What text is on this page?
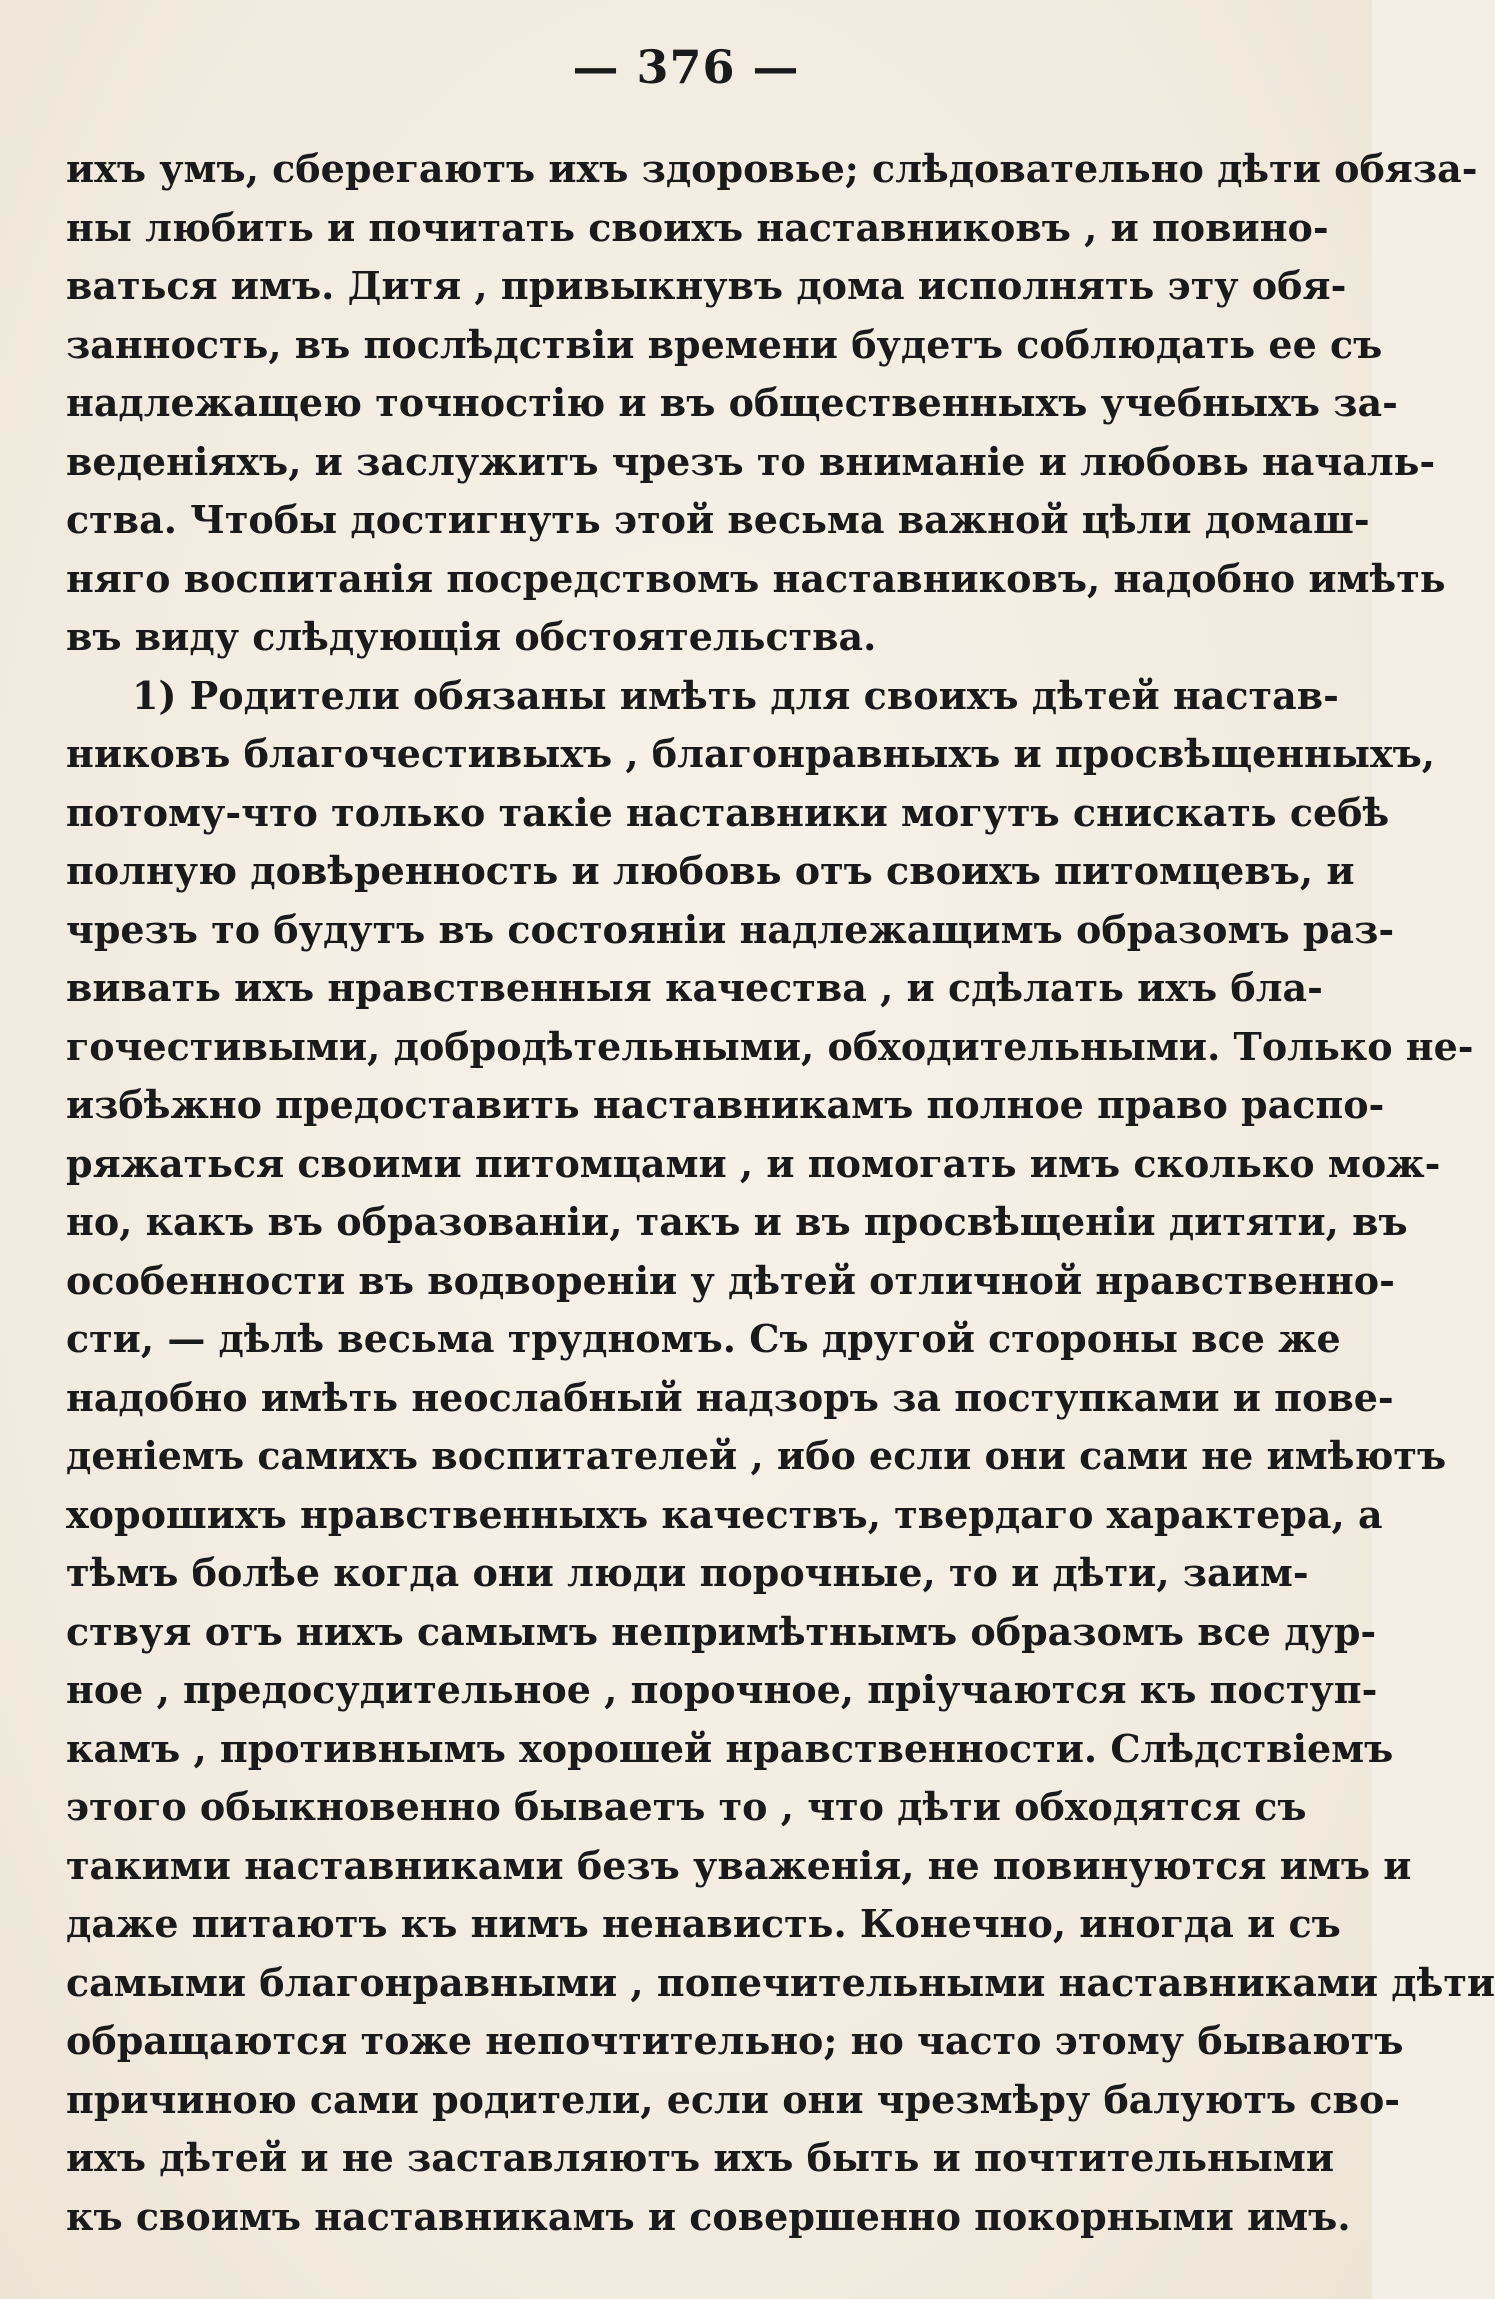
— 376 —
ихъ умъ, сберегаютъ ихъ здоровье; слѣдовательно дѣти обяза-
ны любить и почитать своихъ наставниковъ , и повино-
ваться имъ. Дитя , привыкнувъ дома исполнять эту обя-
занность, въ послѣдствіи времени будетъ соблюдать ее съ
надлежащею точностію и въ общественныхъ учебныхъ за-
веденіяхъ, и заслужитъ чрезъ то вниманіе и любовь началь-
ства. Чтобы достигнуть этой весьма важной цѣли домаш-
няго воспитанія посредствомъ наставниковъ, надобно имѣть
въ виду слѣдующія обстоятельства.
1) Родители обязаны имѣть для своихъ дѣтей настав-
никовъ благочестивыхъ , благонравныхъ и просвѣщенныхъ,
потому-что только такіе наставники могутъ снискать себѣ
полную довѣренность и любовь отъ своихъ питомцевъ, и
чрезъ то будутъ въ состояніи надлежащимъ образомъ раз-
вивать ихъ нравственныя качества , и сдѣлать ихъ бла-
гочестивыми, добродѣтельными, обходительными. Только не-
избѣжно предоставить наставникамъ полное право распо-
ряжаться своими питомцами , и помогать имъ сколько мож-
но, какъ въ образованіи, такъ и въ просвѣщеніи дитяти, въ
особенности въ водвореніи у дѣтей отличной нравственно-
сти, — дѣлѣ весьма трудномъ. Съ другой стороны все же
надобно имѣть неослабный надзоръ за поступками и пове-
деніемъ самихъ воспитателей , ибо если они сами не имѣютъ
хорошихъ нравственныхъ качествъ, твердаго характера, а
тѣмъ болѣе когда они люди порочные, то и дѣти, заим-
ствуя отъ нихъ самымъ непримѣтнымъ образомъ все дур-
ное , предосудительное , порочное, пріучаются къ поступ-
камъ , противнымъ хорошей нравственности. Слѣдствіемъ
этого обыкновенно бываетъ то , что дѣти обходятся съ
такими наставниками безъ уваженія, не повинуются имъ и
даже питаютъ къ нимъ ненависть. Конечно, иногда и съ
самыми благонравными , попечительными наставниками дѣти
обращаются тоже непочтительно; но часто этому бываютъ
причиною сами родители, если они чрезмѣру балуютъ сво-
ихъ дѣтей и не заставляютъ ихъ быть и почтительными
къ своимъ наставникамъ и совершенно покорными имъ.
